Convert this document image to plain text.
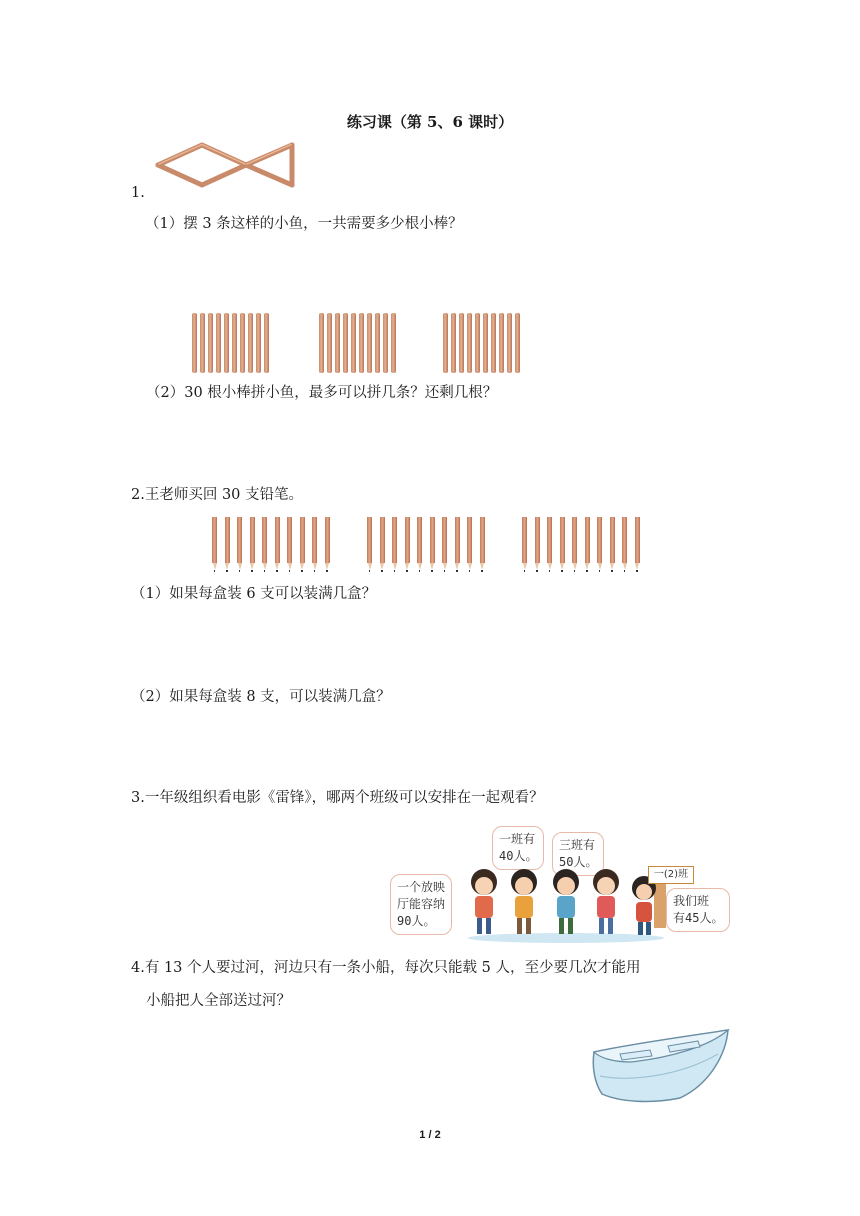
练习课（第 5、6 课时）
1.
（1）摆 3 条这样的小鱼，一共需要多少根小棒？
（2）30 根小棒拼小鱼，最多可以拼几条？还剩几根？
2.王老师买回 30 支铅笔。
（1）如果每盒装 6 支可以装满几盒？
（2）如果每盒装 8 支，可以装满几盒？
3.一年级组织看电影《雷锋》，哪两个班级可以安排在一起观看？
一个放映
厅能容纳
90人。
一班有
40人。
三班有
50人。
我们班
有45人。
一(2)班
4.有 13 个人要过河，河边只有一条小船，每次只能载 5 人，至少要几次才能用
小船把人全部送过河？
1 / 2
